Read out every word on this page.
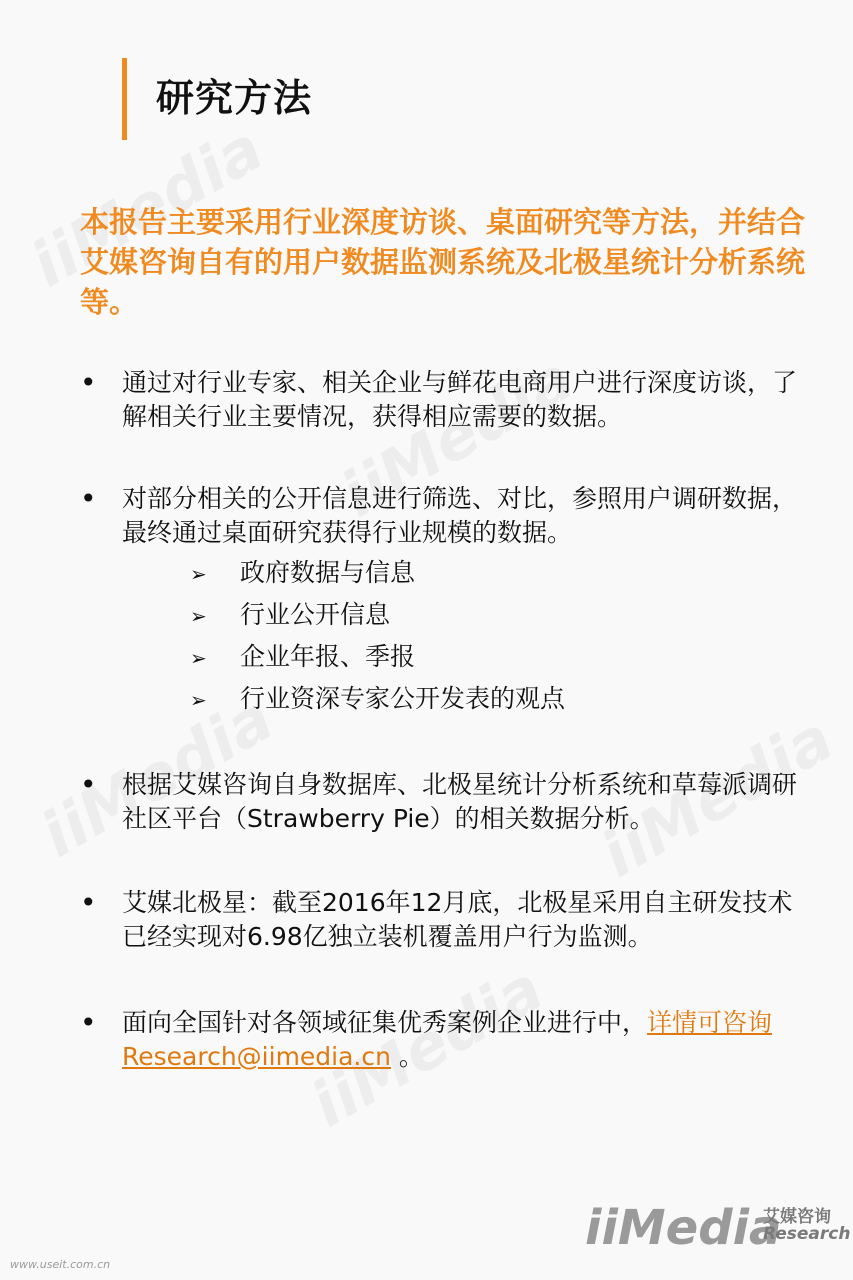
研究方法
本报告主要采用行业深度访谈、桌面研究等方法，并结合艾媒咨询自有的用户数据监测系统及北极星统计分析系统等。
•	通过对行业专家、相关企业与鲜花电商用户进行深度访谈，了解相关行业主要情况，获得相应需要的数据。
•	对部分相关的公开信息进行筛选、对比，参照用户调研数据，最终通过桌面研究获得行业规模的数据。
➢ 政府数据与信息
➢ 行业公开信息
➢ 企业年报、季报
➢ 行业资深专家公开发表的观点
•	根据艾媒咨询自身数据库、北极星统计分析系统和草莓派调研社区平台（Strawberry Pie）的相关数据分析。
•	艾媒北极星：截至2016年12月底，北极星采用自主研发技术已经实现对6.98亿独立装机覆盖用户行为监测。
•	面向全国针对各领域征集优秀案例企业进行中，详情可咨询Research@iimedia.cn 。
iiMedia
艾媒咨询
Research
www.useit.com.cn
